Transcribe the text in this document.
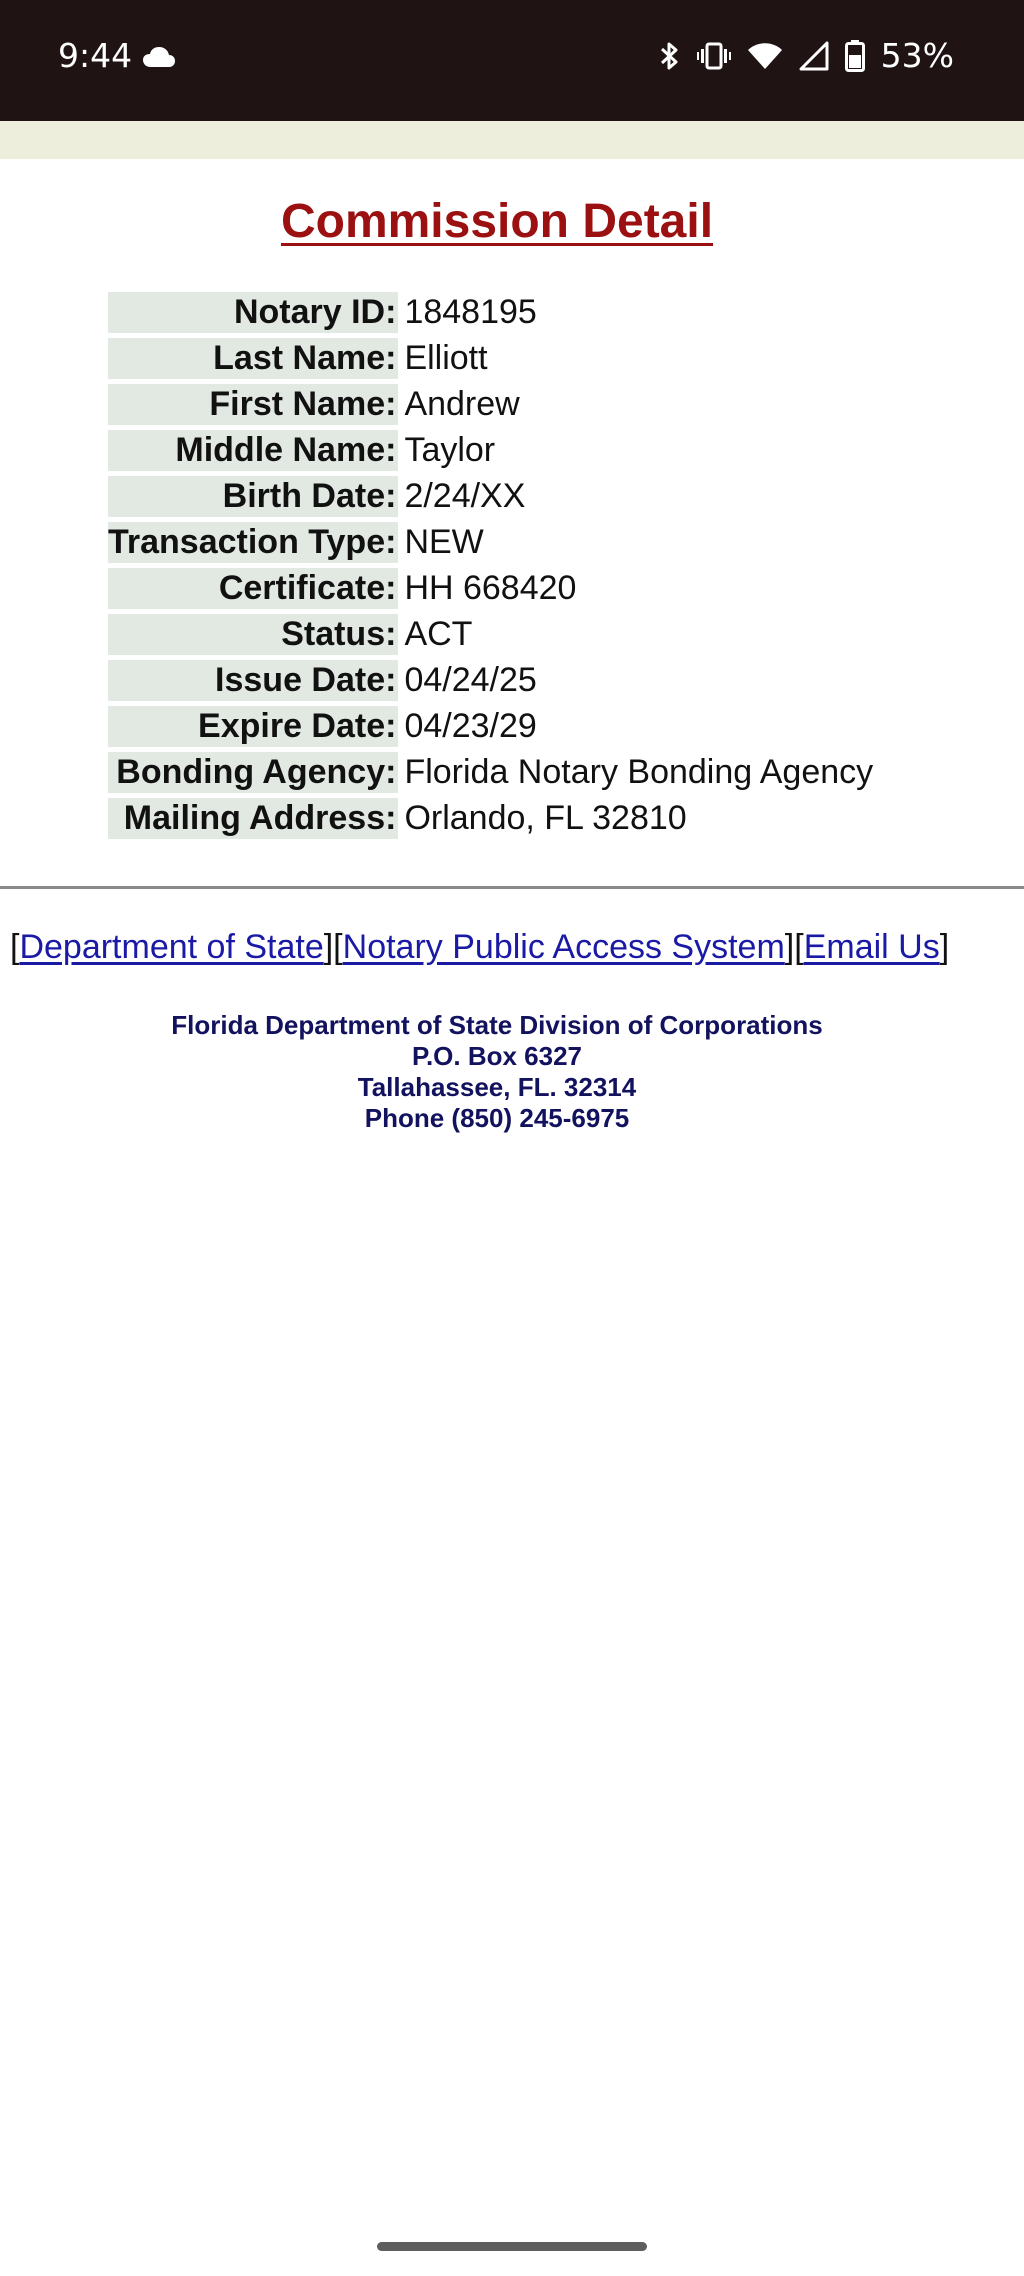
9:44	53%
Commission Detail
Notary ID:	1848195
Last Name:	Elliott
First Name:	Andrew
Middle Name:	Taylor
Birth Date:	2/24/XX
Transaction Type:	NEW
Certificate:	HH 668420
Status:	ACT
Issue Date:	04/24/25
Expire Date:	04/23/29
Bonding Agency:	Florida Notary Bonding Agency
Mailing Address:	Orlando, FL 32810
[Department of State][Notary Public Access System][Email Us]
Florida Department of State Division of Corporations
P.O. Box 6327
Tallahassee, FL. 32314
Phone (850) 245-6975
